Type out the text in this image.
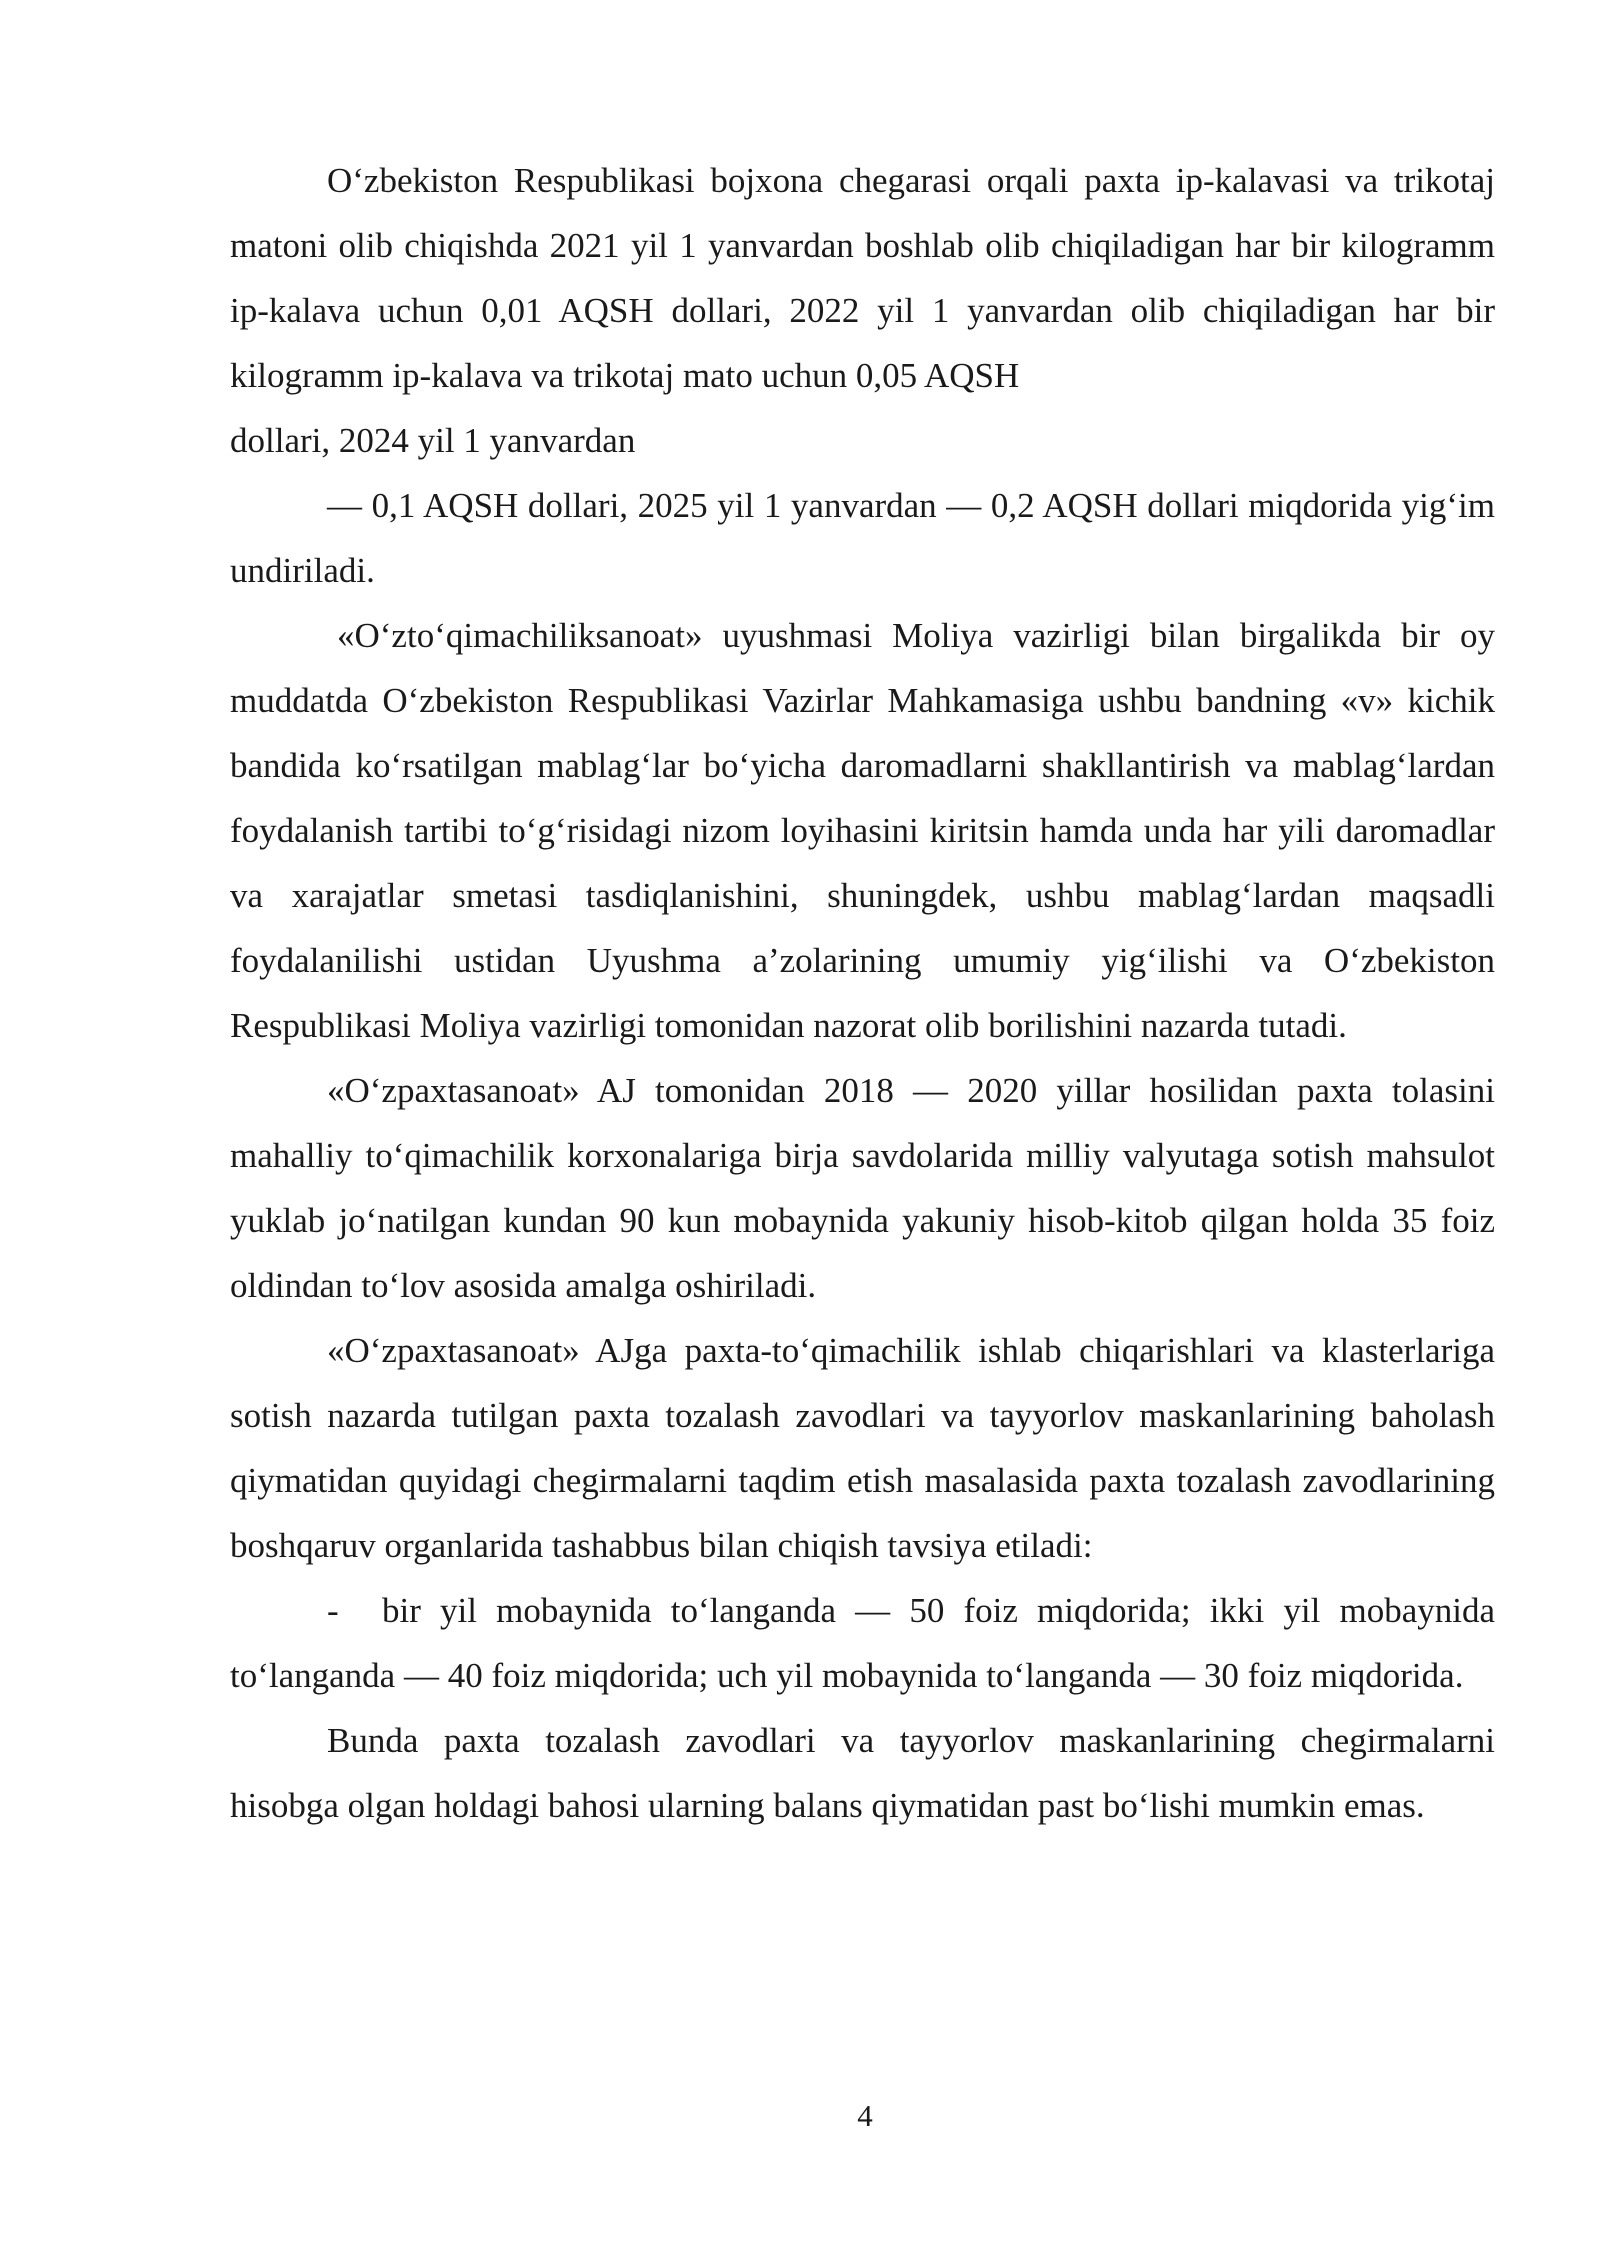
O‘zbekiston Respublikasi bojxona chegarasi orqali paxta ip-kalavasi va trikotaj matoni olib chiqishda 2021 yil 1 yanvardan boshlab olib chiqiladigan har bir kilogramm ip-kalava uchun 0,01 AQSH dollari, 2022 yil 1 yanvardan olib chiqiladigan har bir kilogramm ip-kalava va trikotaj mato uchun 0,05 AQSH
dollari, 2024 yil 1 yanvardan

— 0,1 AQSH dollari, 2025 yil 1 yanvardan — 0,2 AQSH dollari miqdorida yig‘im undiriladi.

«O‘zto‘qimachiliksanoat» uyushmasi Moliya vazirligi bilan birgalikda bir oy muddatda O‘zbekiston Respublikasi Vazirlar Mahkamasiga ushbu bandning «v» kichik bandida ko‘rsatilgan mablag‘lar bo‘yicha daromadlarni shakllantirish va mablag‘lardan foydalanish tartibi to‘g‘risidagi nizom loyihasini kiritsin hamda unda har yili daromadlar va xarajatlar smetasi tasdiqlanishini, shuningdek, ushbu mablag‘lardan maqsadli foydalanilishi ustidan Uyushma a’zolarining umumiy yig‘ilishi va O‘zbekiston Respublikasi Moliya vazirligi tomonidan nazorat olib borilishini nazarda tutadi.

«O‘zpaxtasanoat» AJ tomonidan 2018 — 2020 yillar hosilidan paxta tolasini mahalliy to‘qimachilik korxonalariga birja savdolarida milliy valyutaga sotish mahsulot yuklab jo‘natilgan kundan 90 kun mobaynida yakuniy hisob-kitob qilgan holda 35 foiz oldindan to‘lov asosida amalga oshiriladi.

«O‘zpaxtasanoat» AJga paxta-to‘qimachilik ishlab chiqarishlari va klasterlariga sotish nazarda tutilgan paxta tozalash zavodlari va tayyorlov maskanlarining baholash qiymatidan quyidagi chegirmalarni taqdim etish masalasida paxta tozalash zavodlarining boshqaruv organlarida tashabbus bilan chiqish tavsiya etiladi:

- bir yil mobaynida to‘langanda — 50 foiz miqdorida; ikki yil mobaynida to‘langanda — 40 foiz miqdorida; uch yil mobaynida to‘langanda — 30 foiz miqdorida.

Bunda paxta tozalash zavodlari va tayyorlov maskanlarining chegirmalarni hisobga olgan holdagi bahosi ularning balans qiymatidan past bo‘lishi mumkin emas.

4
